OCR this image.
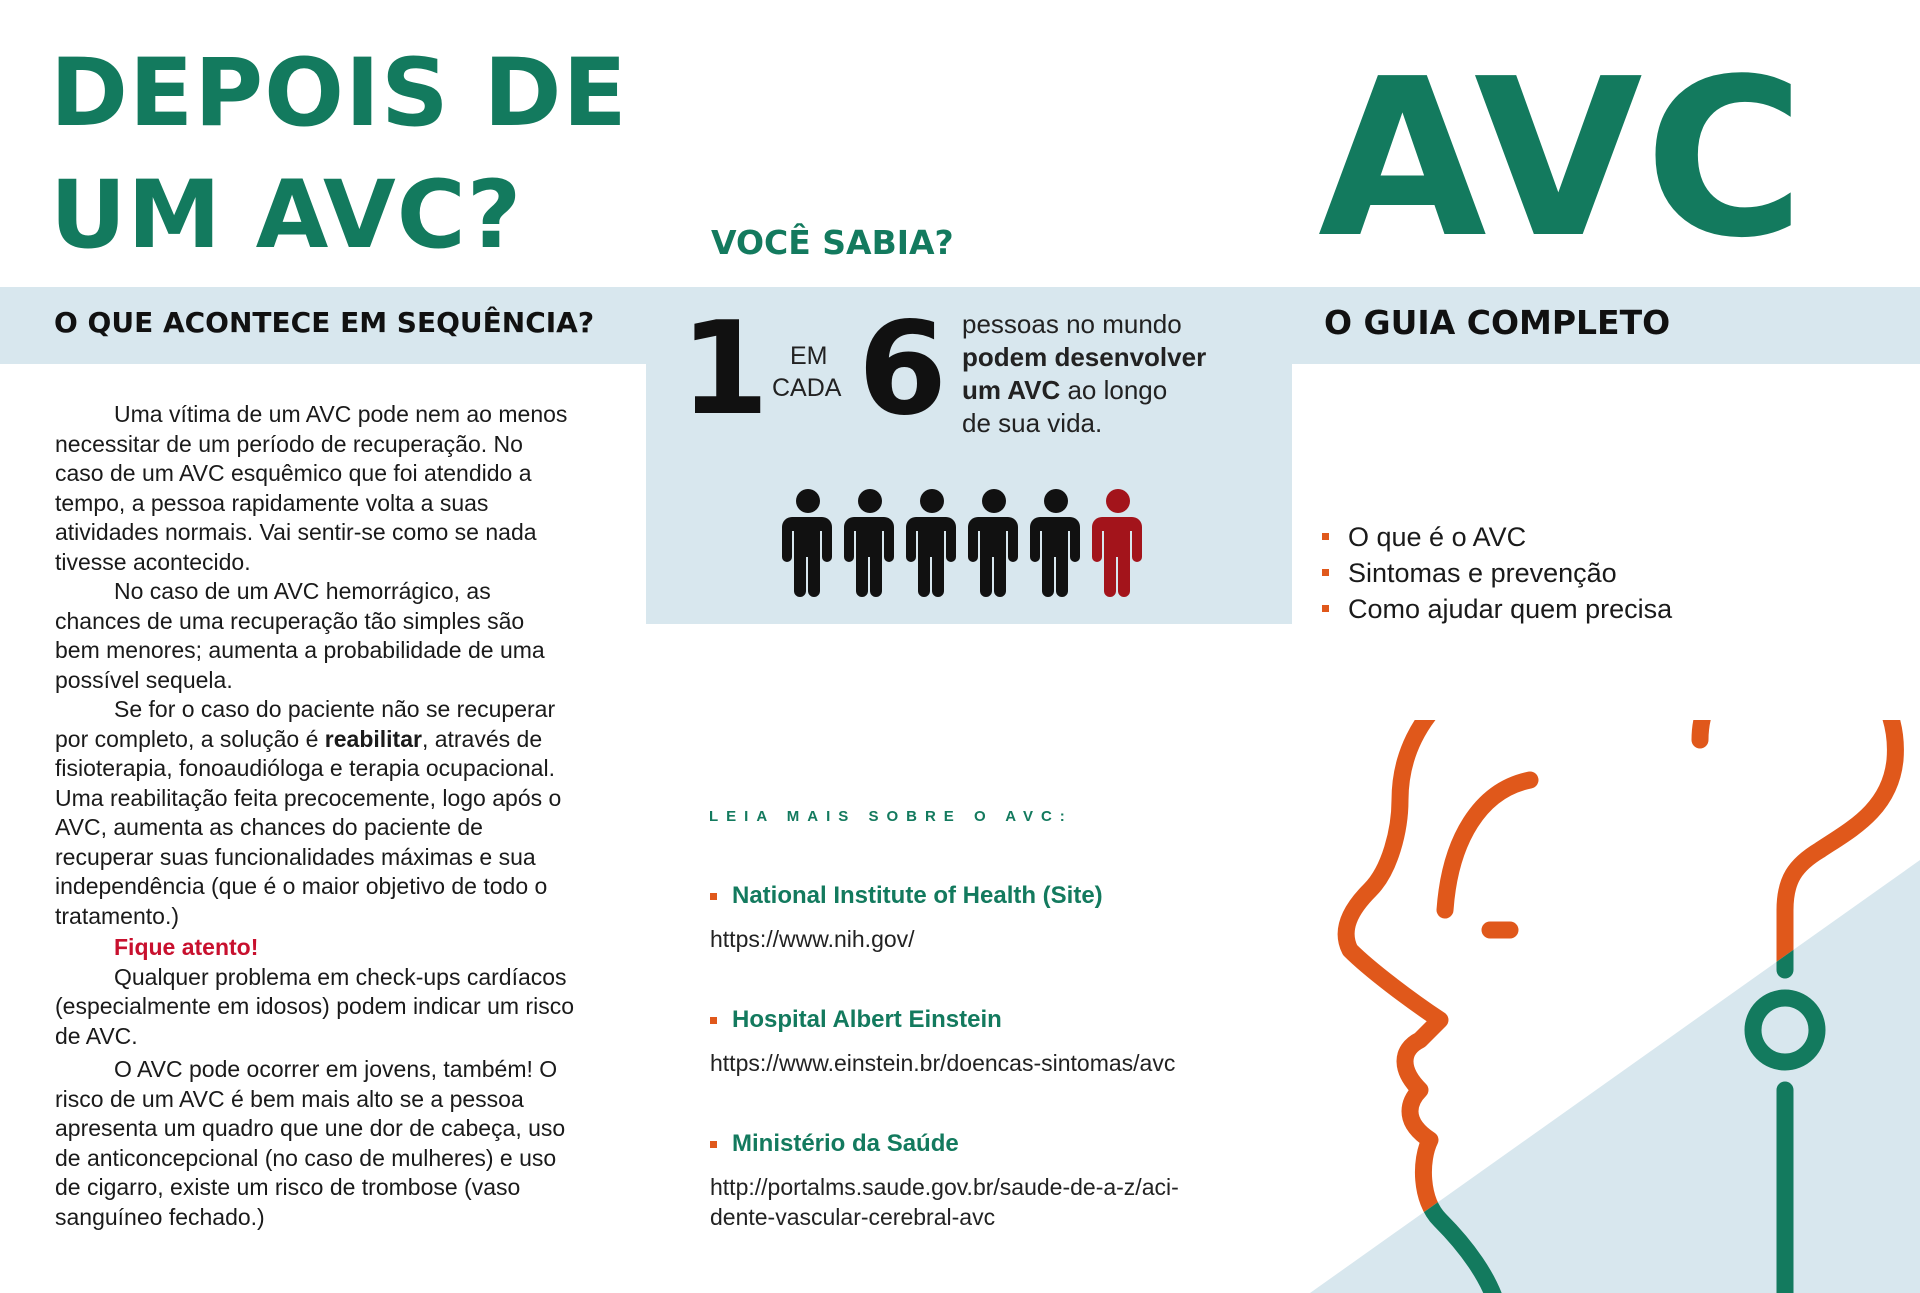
DEPOIS DE
UM AVC?
O QUE ACONTECE EM SEQUÊNCIA?

Uma vítima de um AVC pode nem ao menos necessitar de um período de recuperação. No caso de um AVC esquêmico que foi atendido a tempo, a pessoa rapidamente volta a suas atividades normais. Vai sentir-se como se nada tivesse acontecido.

No caso de um AVC hemorrágico, as chances de uma recuperação tão simples são bem menores; aumenta a probabilidade de uma possível sequela.

Se for o caso do paciente não se recuperar por completo, a solução é reabilitar, através de fisioterapia, fonoaudióloga e terapia ocupacional. Uma reabilitação feita precocemente, logo após o AVC, aumenta as chances do paciente de recuperar suas funcionalidades máximas e sua independência (que é o maior objetivo de todo o tratamento.)

Fique atento!

Qualquer problema em check-ups cardíacos (especialmente em idosos) podem indicar um risco de AVC.

O AVC pode ocorrer em jovens, também! O risco de um AVC é bem mais alto se a pessoa apresenta um quadro que une dor de cabeça, uso de anticoncepcional (no caso de mulheres) e uso de cigarro, existe um risco de trombose (vaso sanguíneo fechado.)

VOCÊ SABIA?
1 EM
CADA 6 pessoas no mundo
podem desenvolver
um AVC ao longo
de sua vida.
LEIA MAIS SOBRE O AVC:
National Institute of Health (Site)
https://www.nih.gov/
Hospital Albert Einstein
https://www.einstein.br/doencas-sintomas/avc
Ministério da Saúde
http://portalms.saude.gov.br/saude-de-a-z/aci-
dente-vascular-cerebral-avc
AVC
O GUIA COMPLETO
O que é o AVC
Sintomas e prevenção
Como ajudar quem precisa
